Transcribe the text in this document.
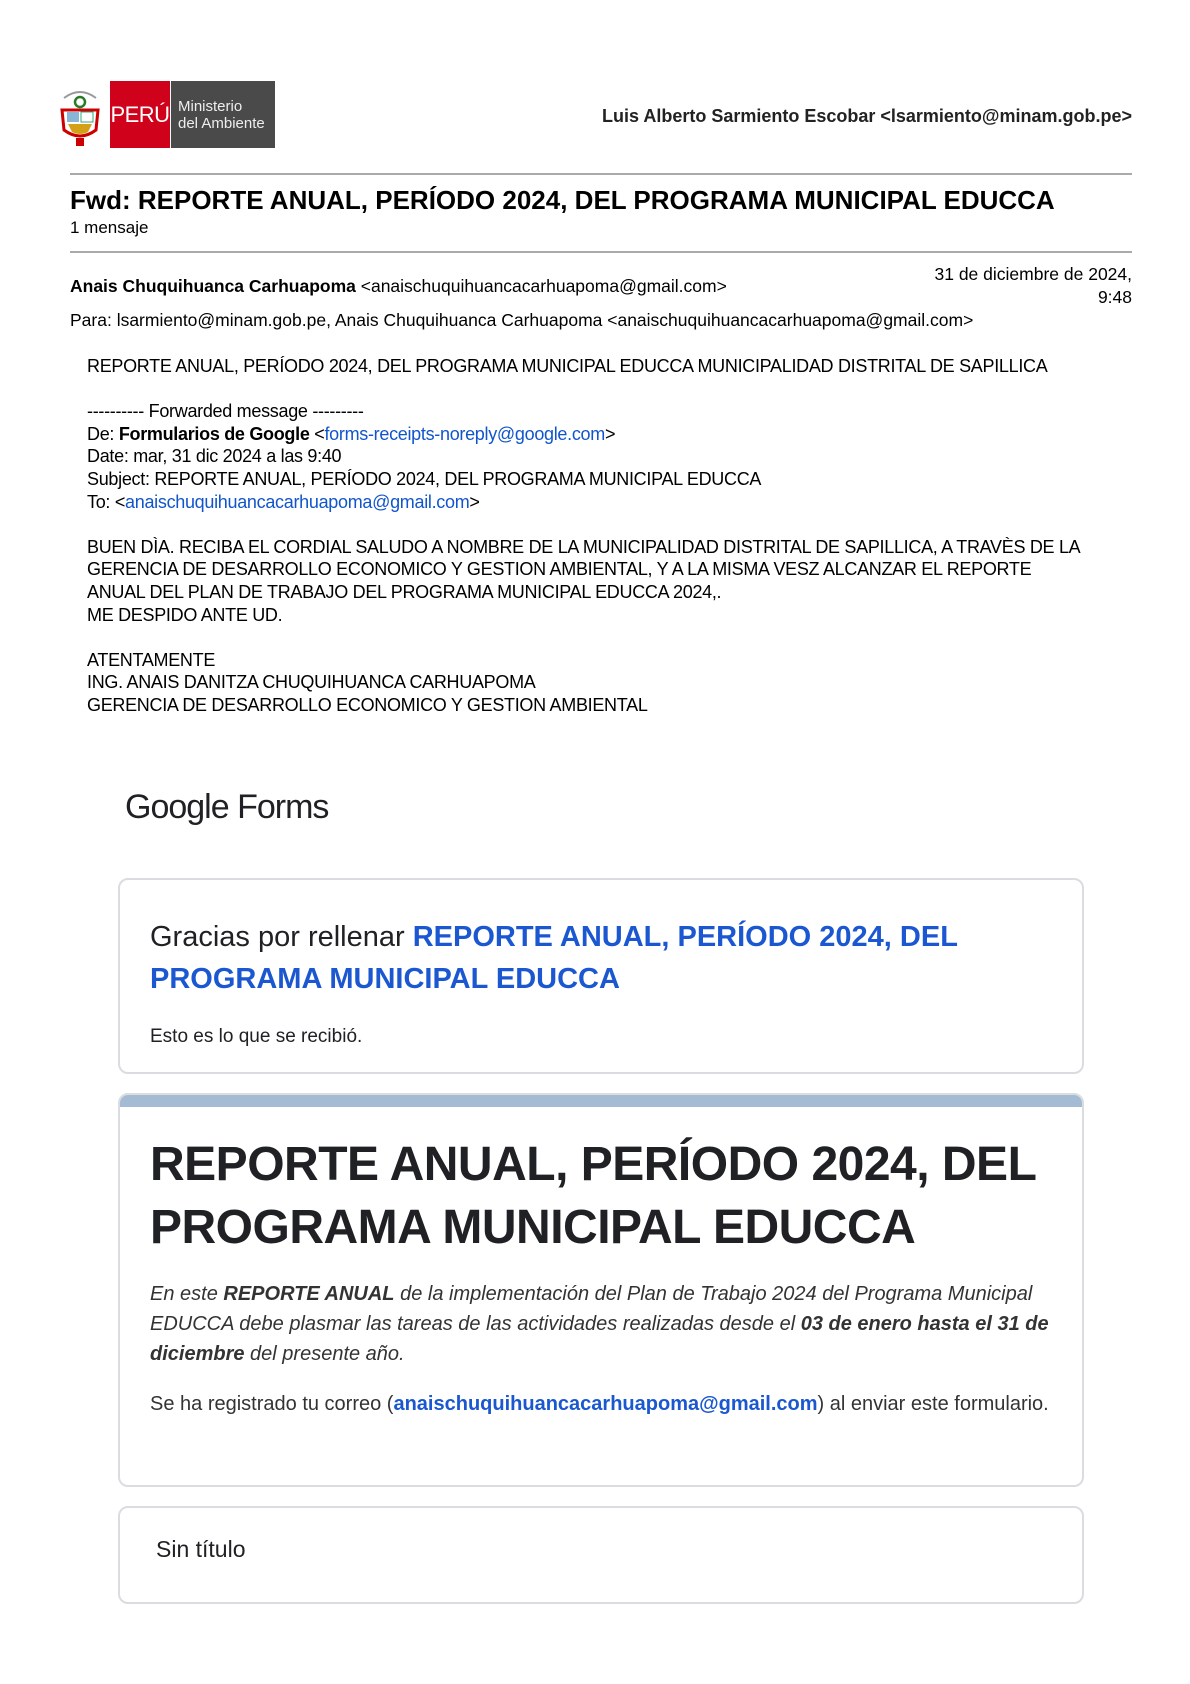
PERÚ Ministerio
del Ambiente	Luis Alberto Sarmiento Escobar <lsarmiento@minam.gob.pe>
Fwd: REPORTE ANUAL, PERÍODO 2024, DEL PROGRAMA MUNICIPAL EDUCCA
1 mensaje
Anais Chuquihuanca Carhuapoma <anaischuquihuancacarhuapoma@gmail.com>
31 de diciembre de 2024,
9:48
Para: lsarmiento@minam.gob.pe, Anais Chuquihuanca Carhuapoma <anaischuquihuancacarhuapoma@gmail.com>

REPORTE ANUAL, PERÍODO 2024, DEL PROGRAMA MUNICIPAL EDUCCA MUNICIPALIDAD DISTRITAL DE SAPILLICA

---------- Forwarded message ---------
De: Formularios de Google <forms-receipts-noreply@google.com>
Date: mar, 31 dic 2024 a las 9:40
Subject: REPORTE ANUAL, PERÍODO 2024, DEL PROGRAMA MUNICIPAL EDUCCA
To: <anaischuquihuancacarhuapoma@gmail.com>

BUEN DÌA. RECIBA EL CORDIAL SALUDO A NOMBRE DE LA MUNICIPALIDAD DISTRITAL DE SAPILLICA, A TRAVÈS DE LA GERENCIA DE DESARROLLO ECONOMICO Y GESTION AMBIENTAL, Y A LA MISMA VESZ ALCANZAR EL REPORTE ANUAL DEL PLAN DE TRABAJO DEL PROGRAMA MUNICIPAL EDUCCA 2024,.
ME DESPIDO ANTE UD.

ATENTAMENTE
ING. ANAIS DANITZA CHUQUIHUANCA CARHUAPOMA
GERENCIA DE DESARROLLO ECONOMICO Y GESTION AMBIENTAL

Google Forms
Gracias por rellenar REPORTE ANUAL, PERÍODO 2024, DEL PROGRAMA MUNICIPAL EDUCCA
Esto es lo que se recibió.
REPORTE ANUAL, PERÍODO 2024, DEL PROGRAMA MUNICIPAL EDUCCA
En este REPORTE ANUAL de la implementación del Plan de Trabajo 2024 del Programa Municipal EDUCCA debe plasmar las tareas de las actividades realizadas desde el 03 de enero hasta el 31 de diciembre del presente año.
Se ha registrado tu correo (anaischuquihuancacarhuapoma@gmail.com) al enviar este formulario.
Sin título
